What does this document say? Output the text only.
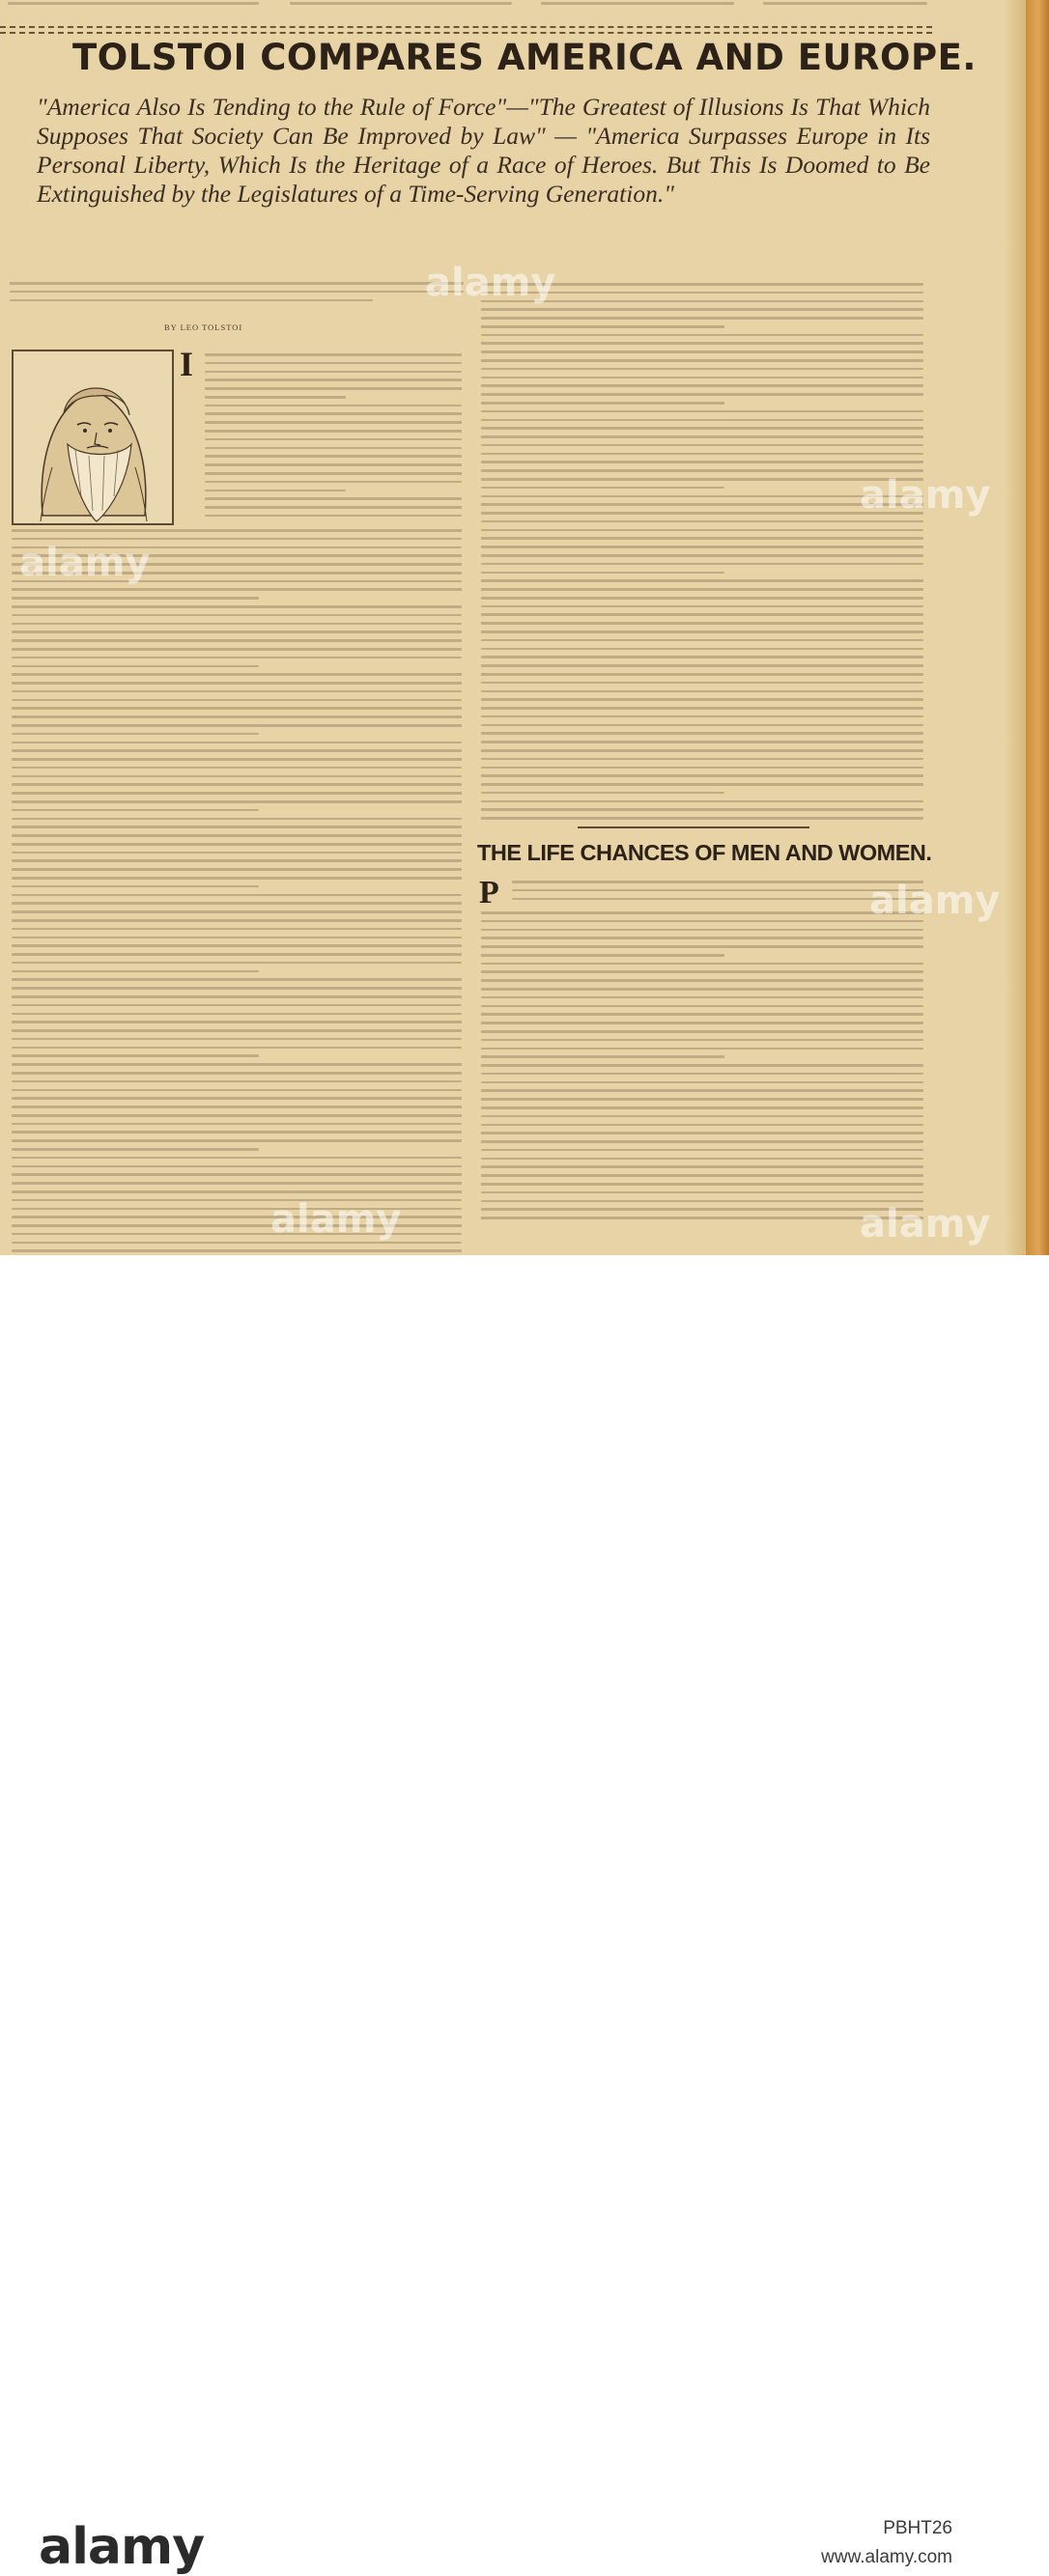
TOLSTOI COMPARES AMERICA AND EUROPE.

"America Also Is Tending to the Rule of Force"—"The Greatest of Illusions Is That Which Supposes That Society Can Be Improved by Law" — "America Surpasses Europe in Its Personal Liberty, Which Is the Heritage of a Race of Heroes. But This Is Doomed to Be Extinguished by the Legislatures of a Time-Serving Generation."

BY LEO TOLSTOI
I
THE LIFE CHANCES OF MEN AND WOMEN.
P
alamy
alamy
alamy
alamy
alamy
alamy
alamy	PBHT26
www.alamy.com
